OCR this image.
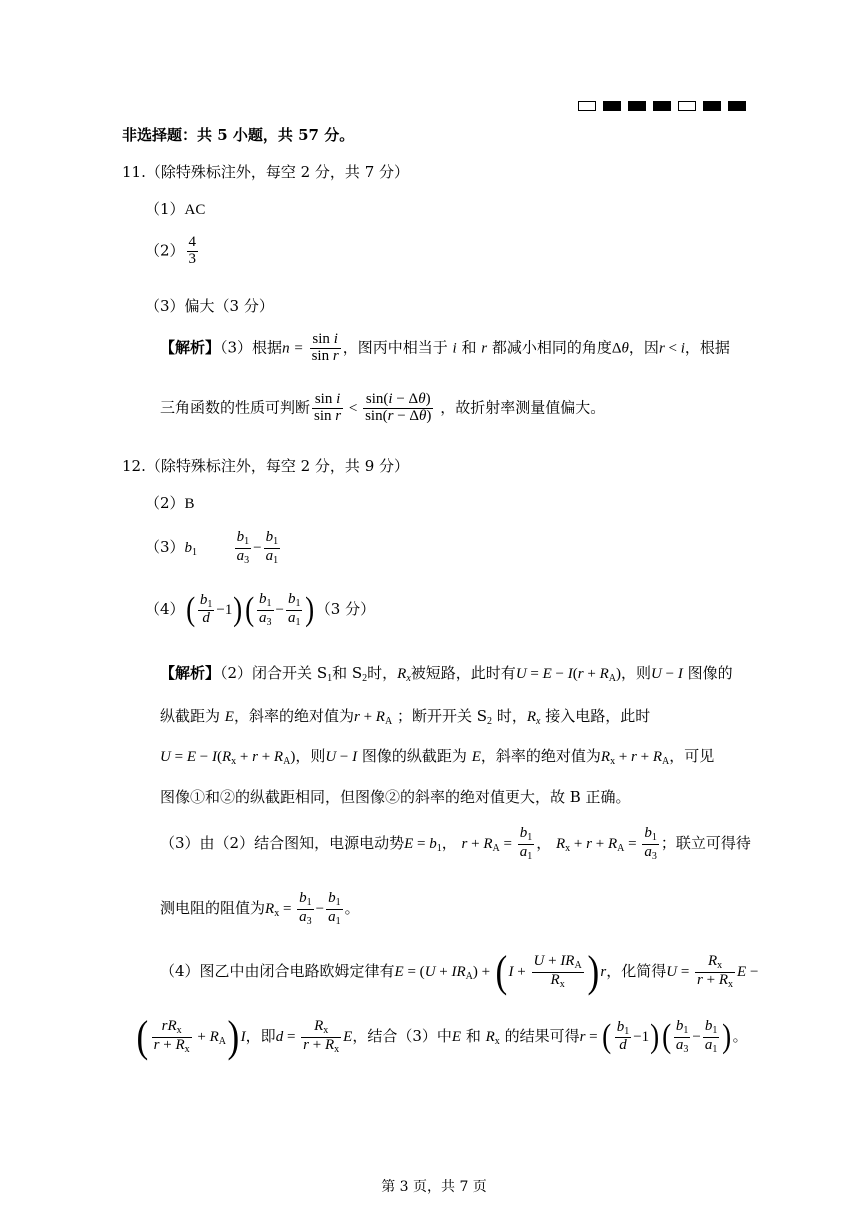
非选择题：共 5 小题，共 57 分。
11.（除特殊标注外，每空 2 分，共 7 分）
（1）AC
$(2) \frac{4}{3}$
（3）偏大（3 分）
【解析】（3）根据$n = \frac{\text{sin i}}{\text{sin r}}$ ，图丙中相当于 i 和 r 都减小相同的角度Δθ，因r < i，根据
三角函数的性质可判断 $\frac{\text{sin i}}{\text{sin r}} < \frac{\sin(i - \Delta\theta)}{\sin(r - \Delta\theta)}$ ，故折射率测量值偏大。
12.（除特殊标注外，每空 2 分，共 9 分）
（2）B
$(3)b_1$	$\frac{b_1}{a_3} - \frac{b_1}{a_1}$
$(4)( \frac{b_1}{d} -1)( \frac{b_1}{a_3} - \frac{b_1}{a_1} )(3$ 分）
【解析】（2）闭合开关 $S_1$和 $S_2$时，$R_x$被短路，此时有$U = E - I(r + R_A)$，则U − I 图像的
纵截距为 E，斜率的绝对值为$r + R_A$ ；断开开关 $S_2$ 时，$R_x$ 接入电路，此时
$U = E - I(R_x + r + R_A)$，则U − I 图像的纵截距为 E，斜率的绝对值为$R_x + r + R_A$，可见
图像①和②的纵截距相同，但图像②的斜率的绝对值更大，故 B 正确。
（3）由（2）结合图知，电源电动势$E = b_1$， $r + R_A = \frac{b_1}{a_1}$ ， $R_x + r + R_A = \frac{b_1}{a_3}$ ；联立可得待
测电阻的阻值为$R_x = \frac{b_1}{a_3} - \frac{b_1}{a_1}$ 。
（4）图乙中由闭合电路欧姆定律有$E = (U + IR_A) + (I + \frac{U + IR_A}{R_x} )r$，化简得$U = \frac{R_x}{r + R_x}$ E −
( $\frac{rR_x}{r + R_x} + R_A)I$，即$d = \frac{R_x}{r + R_x}$ E，结合（3）中E 和 $R_x$ 的结果可得r = ( $\frac{b_1}{d} -1)( \frac{b_1}{a_3} - \frac{b_1}{a_1}$ )。
第 3 页，共 7 页
